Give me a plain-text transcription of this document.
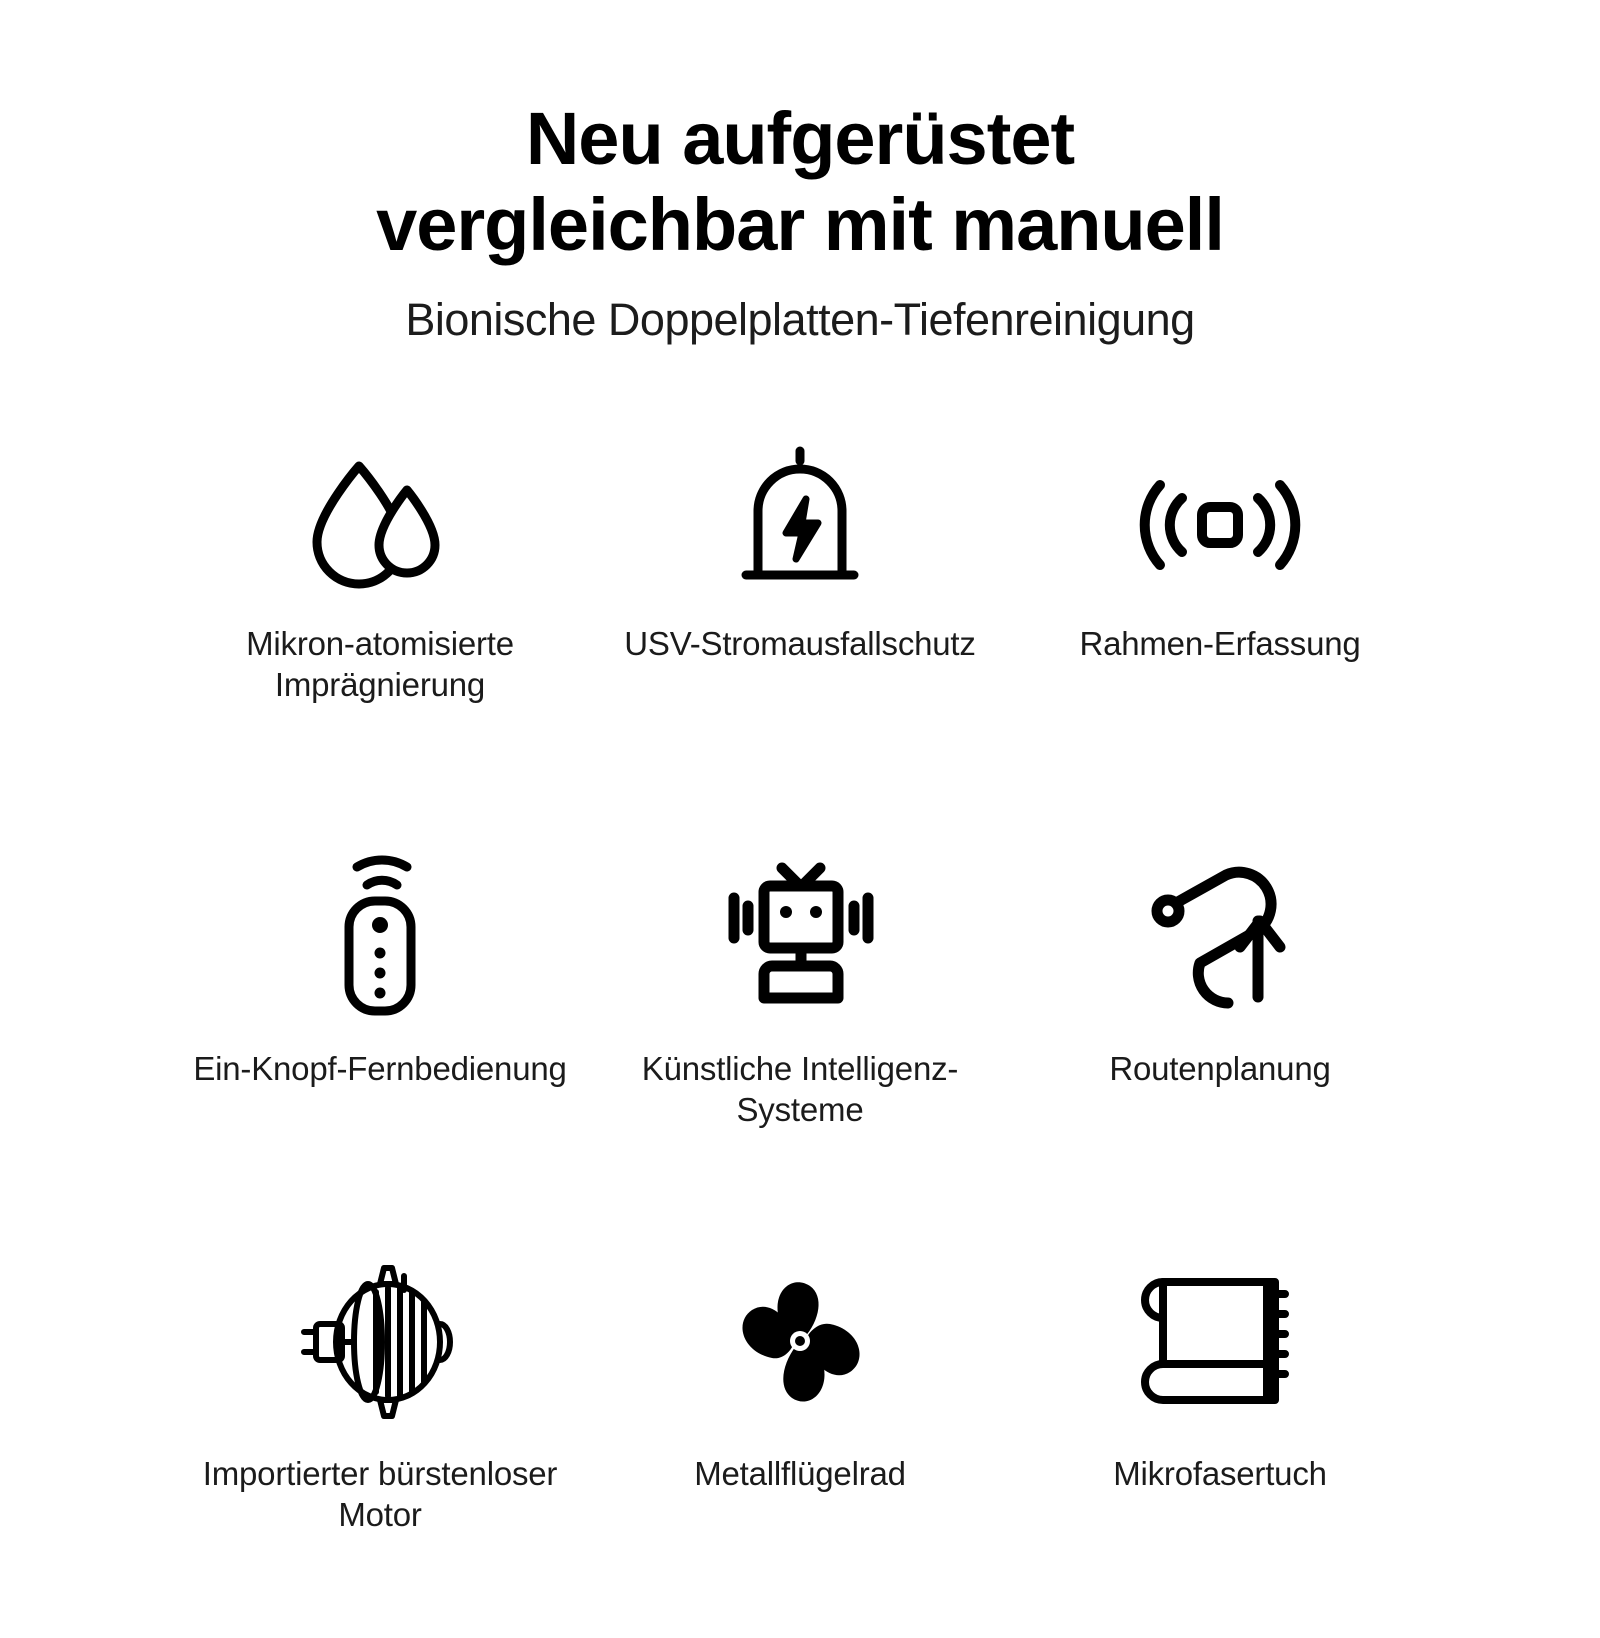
Neu aufgerüstet
vergleichbar mit manuell
Bionische Doppelplatten-Tiefenreinigung
Mikron-atomisierte Imprägnierung
USV-Stromausfallschutz	Rahmen-Erfassung
Ein-Knopf-Fernbedienung	Künstliche Intelligenz-Systeme
Routenplanung
Importierter bürstenloser Motor
Metallflügelrad	Mikrofasertuch
